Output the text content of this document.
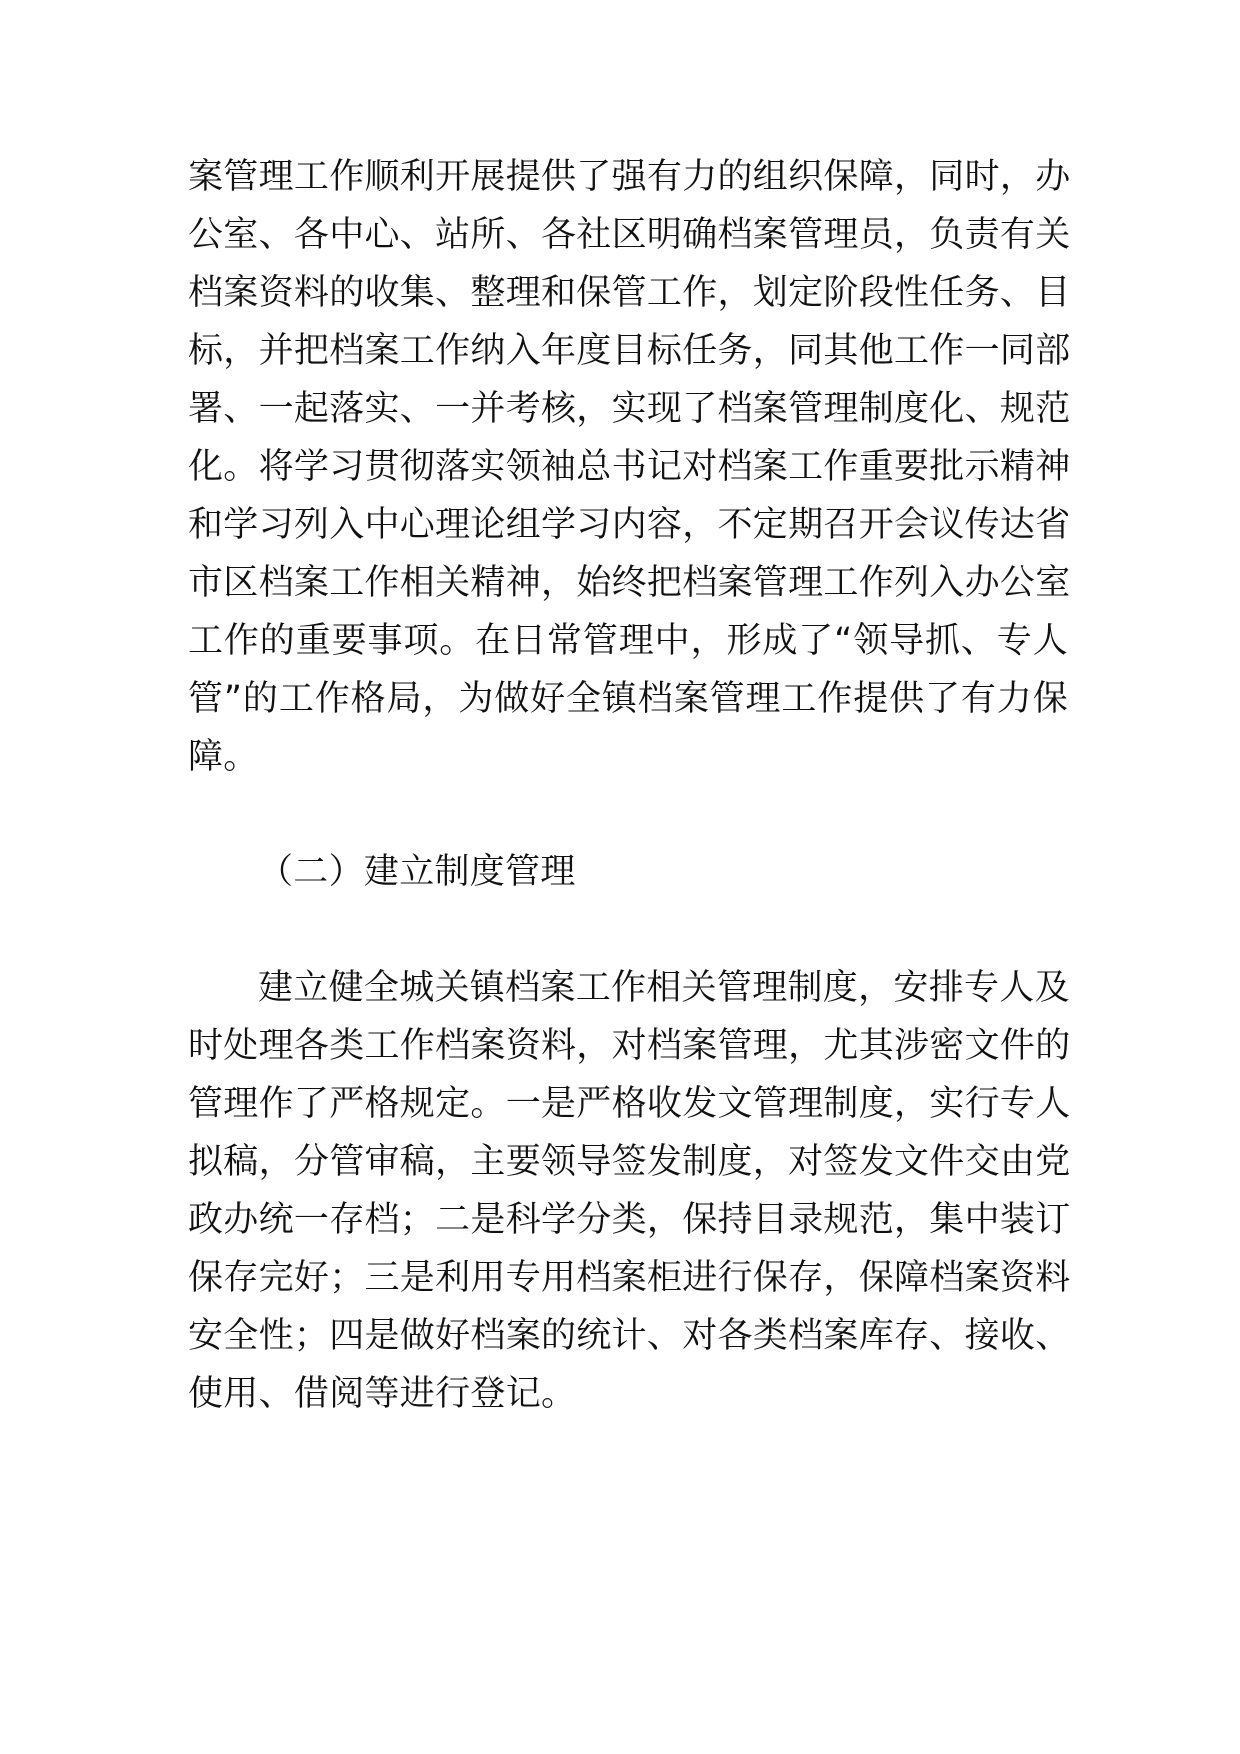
案管理工作顺利开展提供了强有力的组织保障，同时，办
公室、各中心、站所、各社区明确档案管理员，负责有关
档案资料的收集、整理和保管工作，划定阶段性任务、目
标，并把档案工作纳入年度目标任务，同其他工作一同部
署、一起落实、一并考核，实现了档案管理制度化、规范
化。将学习贯彻落实领袖总书记对档案工作重要批示精神
和学习列入中心理论组学习内容，不定期召开会议传达省
市区档案工作相关精神，始终把档案管理工作列入办公室
工作的重要事项。在日常管理中，形成了“领导抓、专人
管”的工作格局，为做好全镇档案管理工作提供了有力保
障。
（二）建立制度管理
建立健全城关镇档案工作相关管理制度，安排专人及
时处理各类工作档案资料，对档案管理，尤其涉密文件的
管理作了严格规定。一是严格收发文管理制度，实行专人
拟稿，分管审稿，主要领导签发制度，对签发文件交由党
政办统一存档；二是科学分类，保持目录规范，集中装订
保存完好；三是利用专用档案柜进行保存，保障档案资料
安全性；四是做好档案的统计、对各类档案库存、接收、
使用、借阅等进行登记。
